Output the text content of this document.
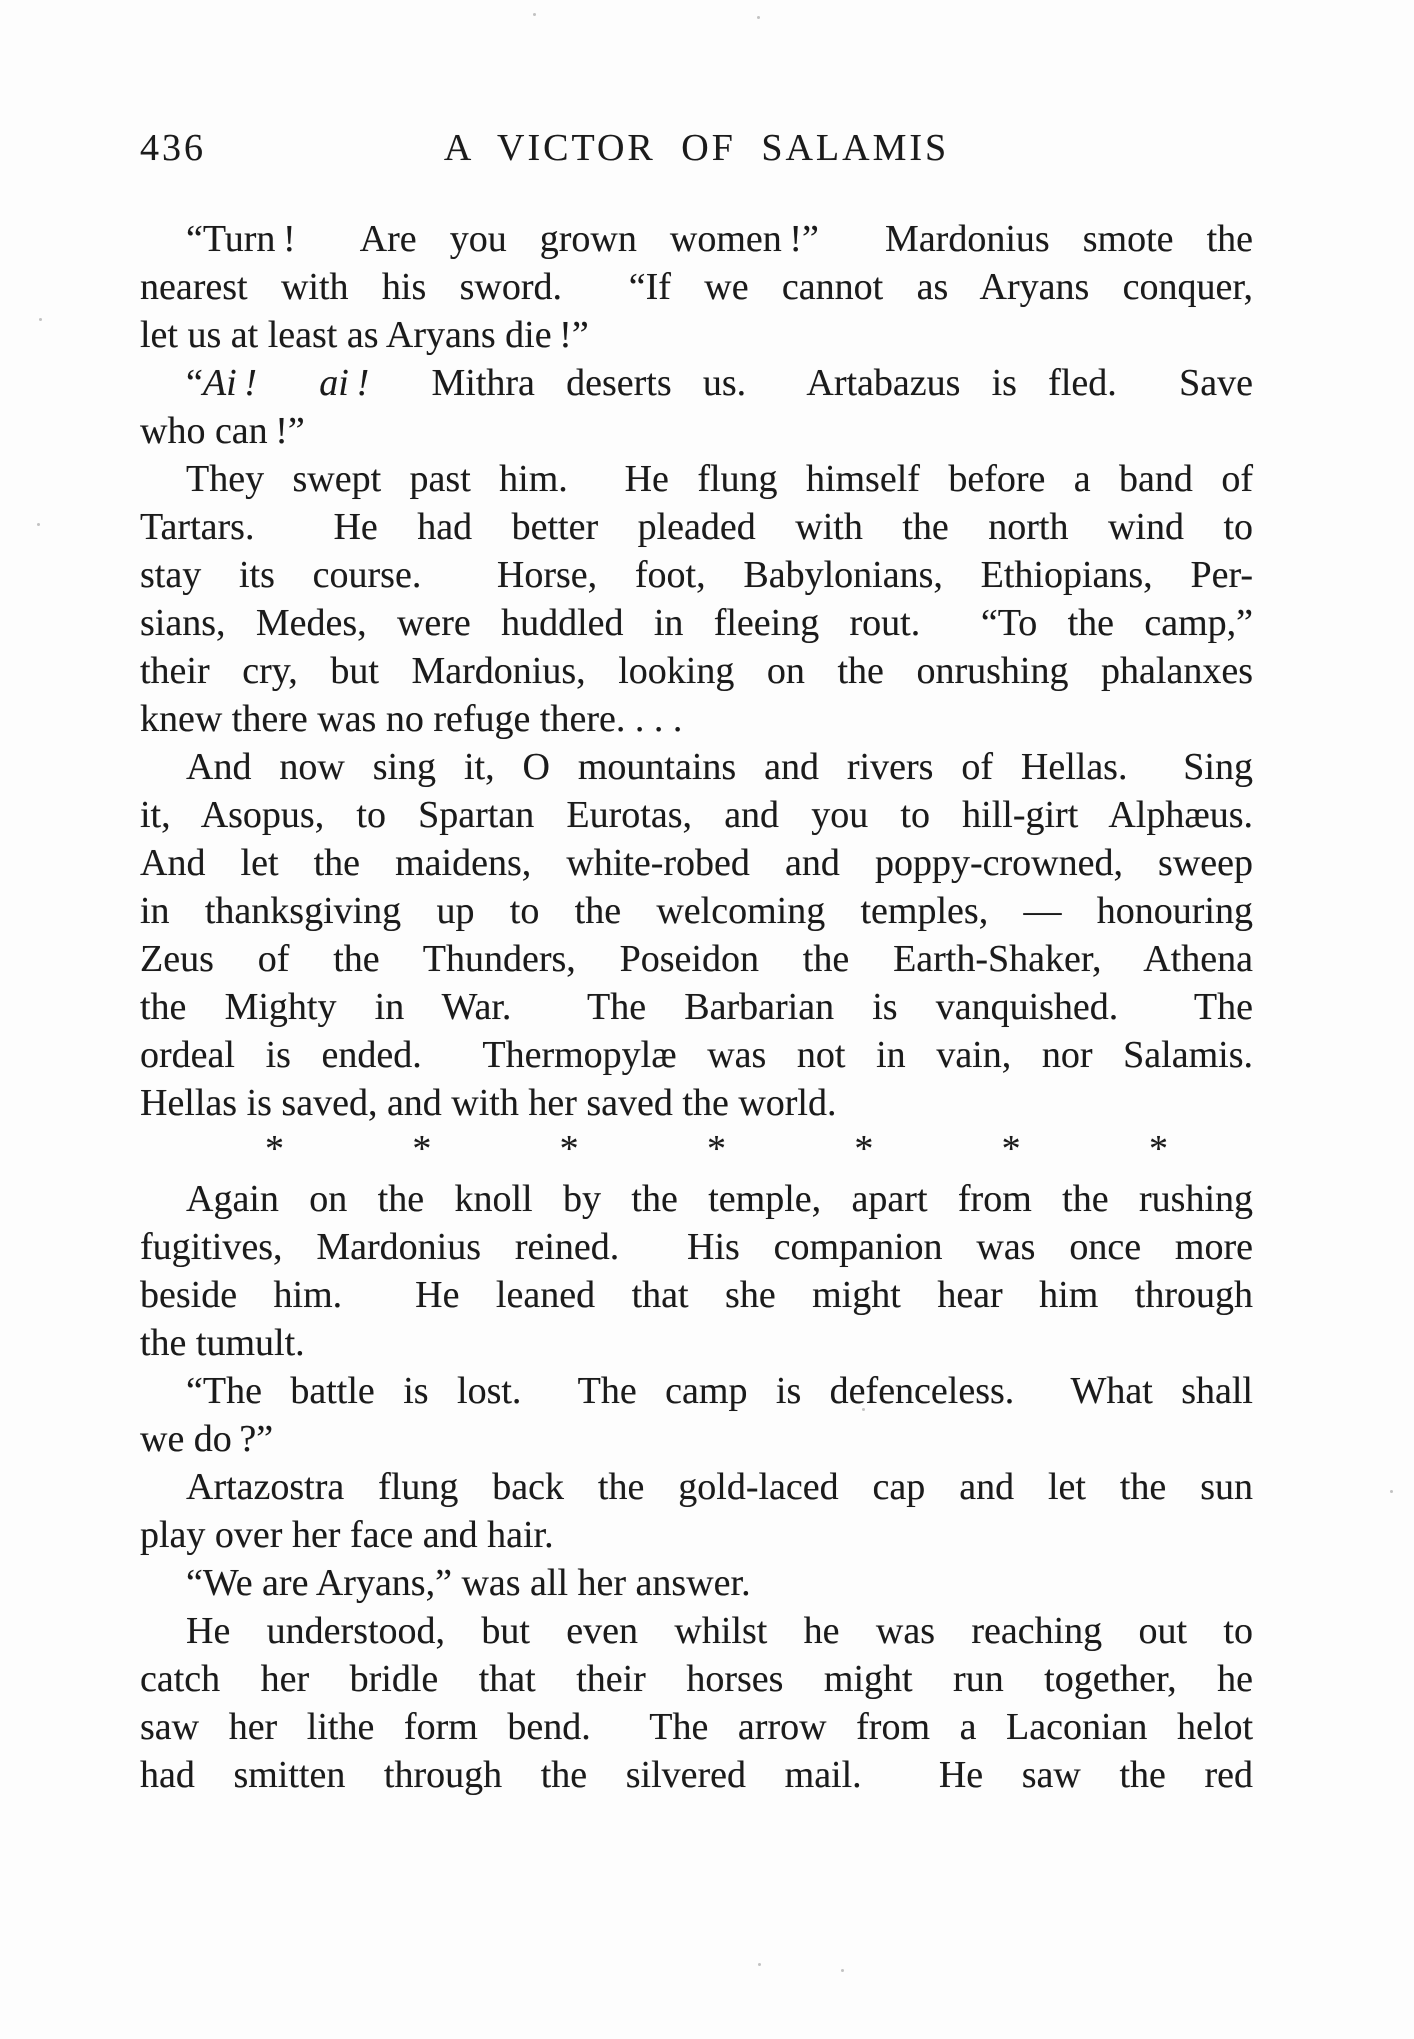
436	A VICTOR OF SALAMIS
“Turn !  Are you grown women !”  Mardonius smote the
nearest with his sword.  “If we cannot as Aryans conquer,
let us at least as Aryans die !”
“Ai !  ai !  Mithra deserts us.  Artabazus is fled.  Save
who can !”
They swept past him.  He flung himself before a band of
Tartars.  He had better pleaded with the north wind to
stay its course.  Horse, foot, Babylonians, Ethiopians, Per-
sians, Medes, were huddled in fleeing rout.  “To the camp,”
their cry, but Mardonius, looking on the onrushing phalanxes
knew there was no refuge there. . . .
And now sing it, O mountains and rivers of Hellas.  Sing
it, Asopus, to Spartan Eurotas, and you to hill-girt Alphæus.
And let the maidens, white-robed and poppy-crowned, sweep
in thanksgiving up to the welcoming temples, — honouring
Zeus of the Thunders, Poseidon the Earth-Shaker, Athena
the Mighty in War.  The Barbarian is vanquished.  The
ordeal is ended.  Thermopylæ was not in vain, nor Salamis.
Hellas is saved, and with her saved the world.
*	*	*	*	*	*	*
Again on the knoll by the temple, apart from the rushing
fugitives, Mardonius reined.  His companion was once more
beside him.  He leaned that she might hear him through
the tumult.
“The battle is lost.  The camp is defenceless.  What shall
we do ?”
Artazostra flung back the gold-laced cap and let the sun
play over her face and hair.
“We are Aryans,” was all her answer.
He understood, but even whilst he was reaching out to
catch her bridle that their horses might run together, he
saw her lithe form bend.  The arrow from a Laconian helot
had smitten through the silvered mail.  He saw the red
